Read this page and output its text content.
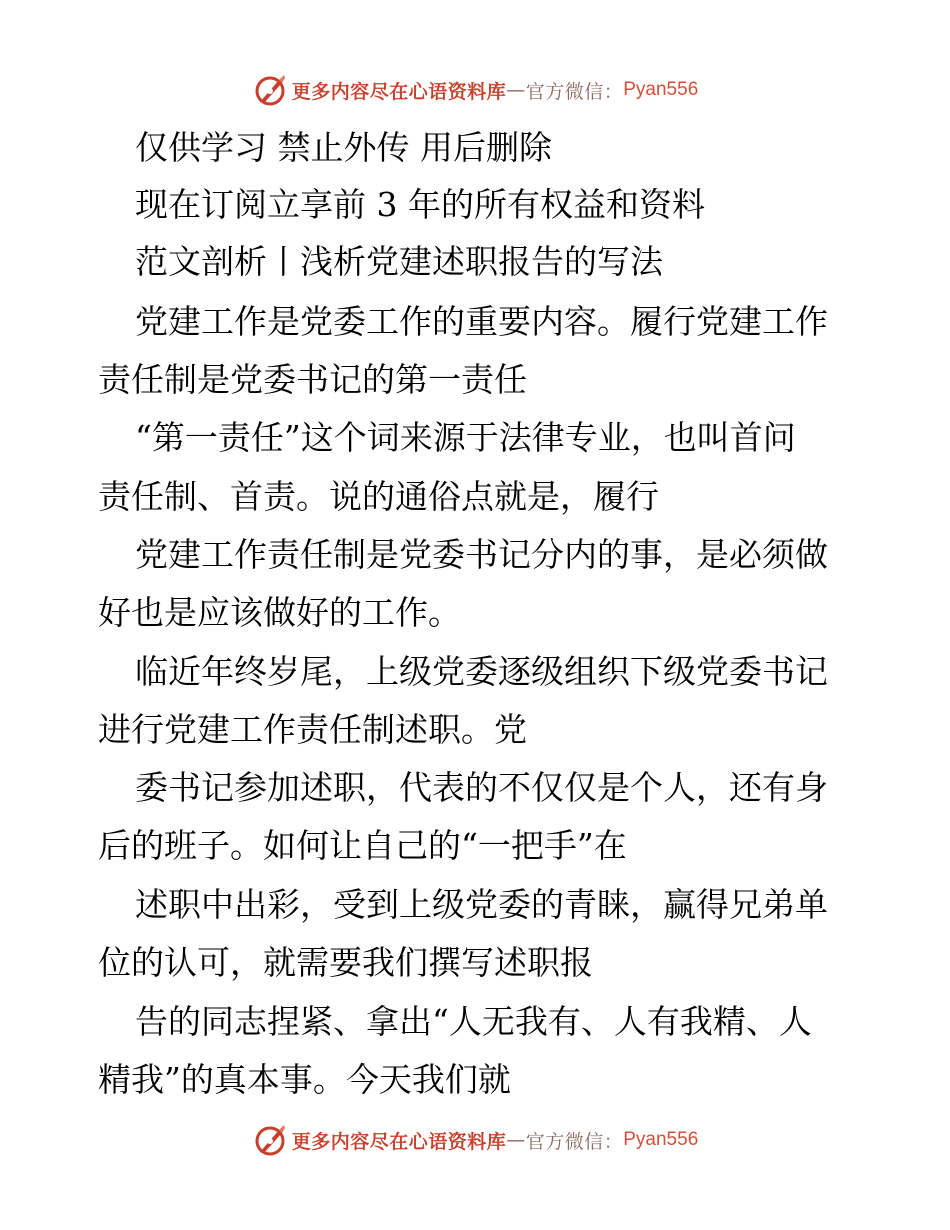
更多内容尽在心语资料库 — 官方微信： Pyan556
仅供学习 禁止外传 用后删除
现在订阅立享前 3 年的所有权益和资料
范文剖析丨浅析党建述职报告的写法
党建工作是党委工作的重要内容。履行党建工作
责任制是党委书记的第一责任
“第一责任”这个词来源于法律专业，也叫首问
责任制、首责。说的通俗点就是，履行
党建工作责任制是党委书记分内的事，是必须做
好也是应该做好的工作。
临近年终岁尾，上级党委逐级组织下级党委书记
进行党建工作责任制述职。党
委书记参加述职，代表的不仅仅是个人，还有身
后的班子。如何让自己的“一把手”在
述职中出彩，受到上级党委的青睐，赢得兄弟单
位的认可，就需要我们撰写述职报
告的同志捏紧、拿出“人无我有、人有我精、人
精我”的真本事。今天我们就
更多内容尽在心语资料库 — 官方微信： Pyan556
